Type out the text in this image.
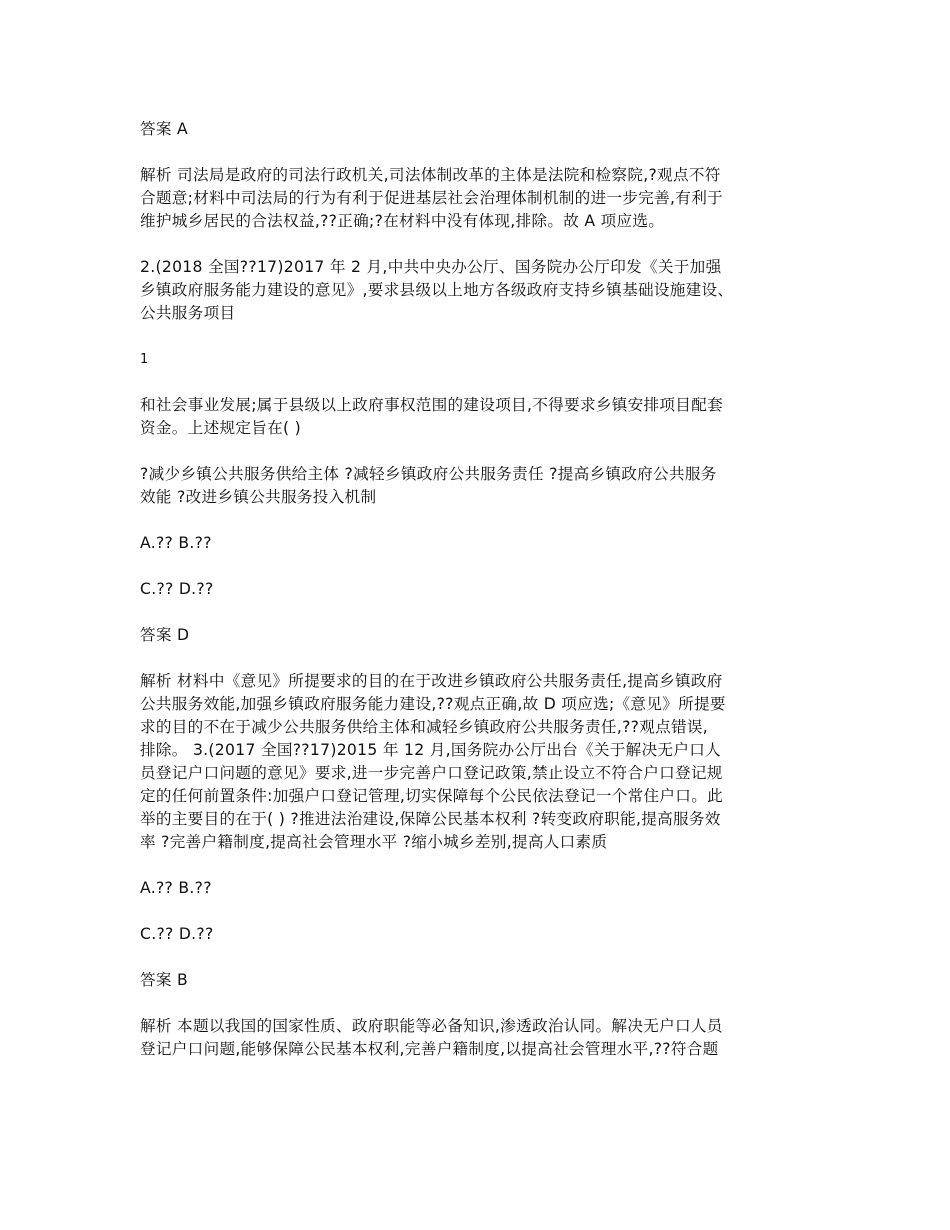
答案 A

解析 司法局是政府的司法行政机关,司法体制改革的主体是法院和检察院,?观点不符

合题意;材料中司法局的行为有利于促进基层社会治理体制机制的进一步完善,有利于

维护城乡居民的合法权益,??正确;?在材料中没有体现,排除。故 A 项应选。

2.(2018 全国??17)2017 年 2 月,中共中央办公厅、国务院办公厅印发《关于加强

乡镇政府服务能力建设的意见》,要求县级以上地方各级政府支持乡镇基础设施建设、

公共服务项目

1

和社会事业发展;属于县级以上政府事权范围的建设项目,不得要求乡镇安排项目配套

资金。上述规定旨在( )

?减少乡镇公共服务供给主体 ?减轻乡镇政府公共服务责任 ?提高乡镇政府公共服务

效能 ?改进乡镇公共服务投入机制

A.?? B.??

C.?? D.??

答案 D

解析 材料中《意见》所提要求的目的在于改进乡镇政府公共服务责任,提高乡镇政府

公共服务效能,加强乡镇政府服务能力建设,??观点正确,故 D 项应选;《意见》所提要

求的目的不在于减少公共服务供给主体和减轻乡镇政府公共服务责任,??观点错误,

排除。 3.(2017 全国??17)2015 年 12 月,国务院办公厅出台《关于解决无户口人

员登记户口问题的意见》要求,进一步完善户口登记政策,禁止设立不符合户口登记规

定的任何前置条件:加强户口登记管理,切实保障每个公民依法登记一个常住户口。此

举的主要目的在于( ) ?推进法治建设,保障公民基本权利 ?转变政府职能,提高服务效

率 ?完善户籍制度,提高社会管理水平 ?缩小城乡差别,提高人口素质

A.?? B.??

C.?? D.??

答案 B

解析 本题以我国的国家性质、政府职能等必备知识,渗透政治认同。解决无户口人员

登记户口问题,能够保障公民基本权利,完善户籍制度,以提高社会管理水平,??符合题
